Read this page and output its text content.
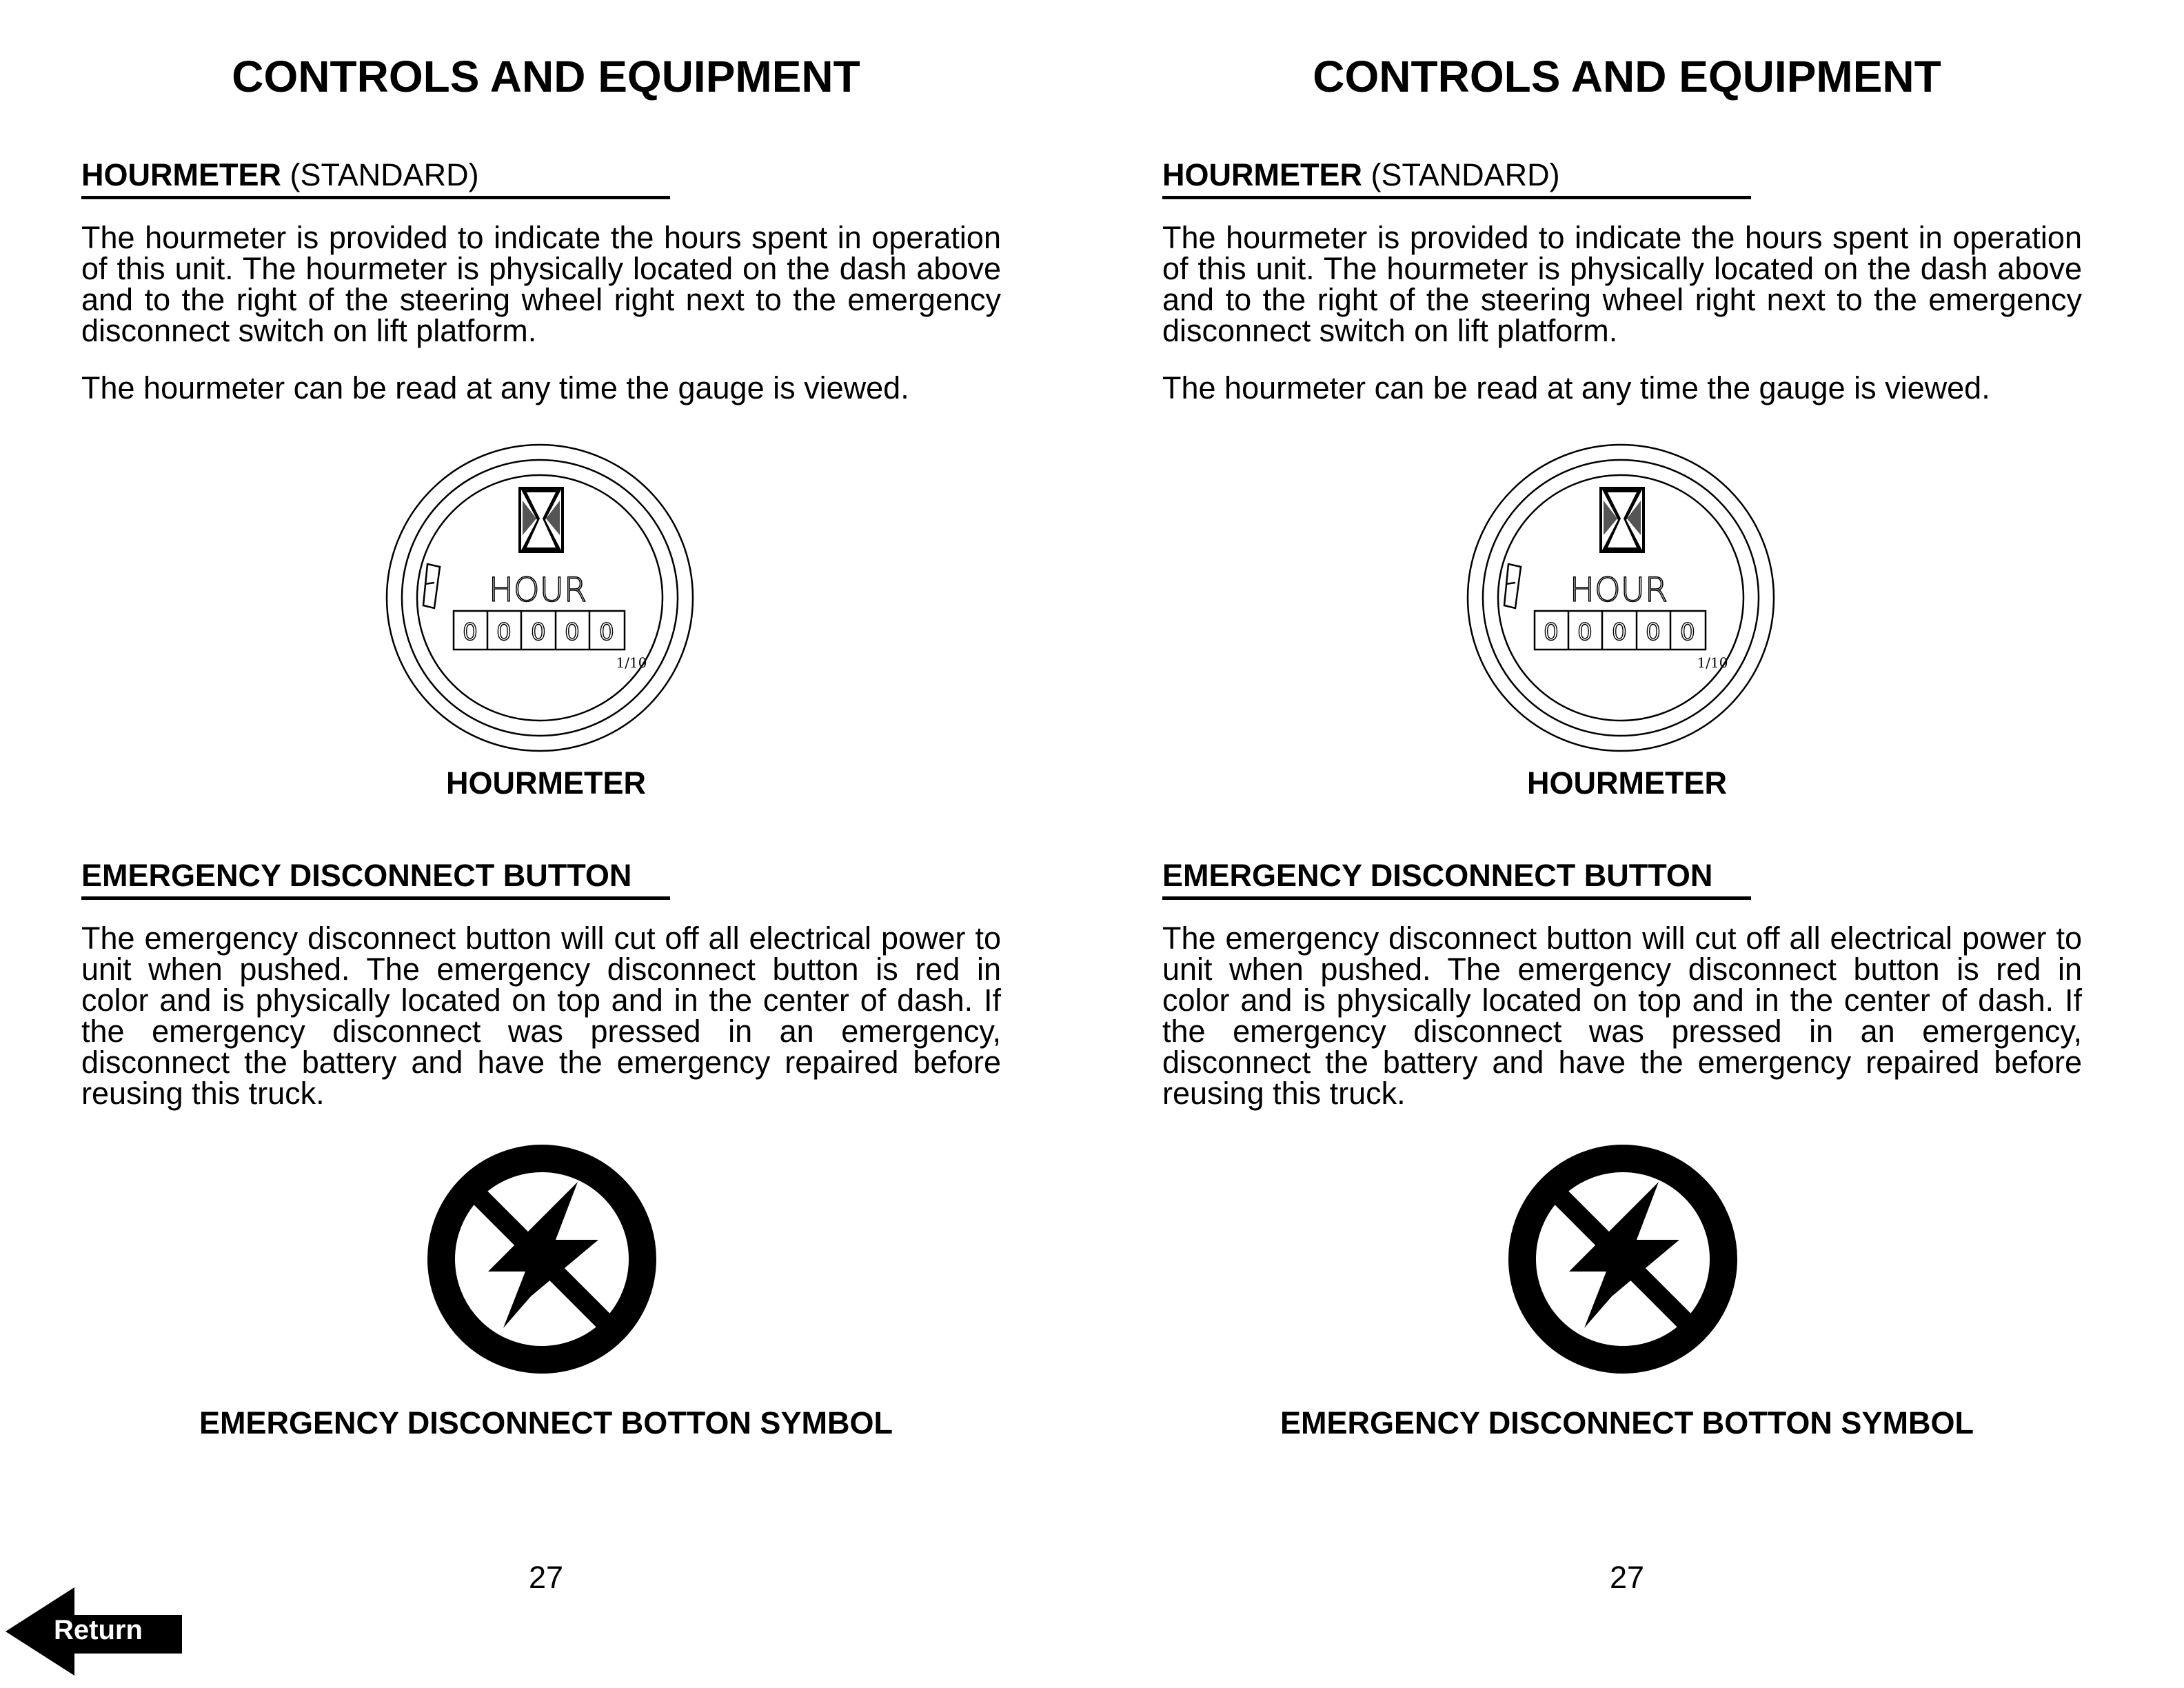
CONTROLS AND EQUIPMENT
HOURMETER (STANDARD)

The hourmeter is provided to indicate the hours spent in operation of this unit. The hourmeter is physically located on the dash above and to the right of the steering wheel right next to the emergency disconnect switch on lift platform.

The hourmeter can be read at any time the gauge is viewed.

HOUR
0 0 0 0 0
1/10

HOURMETER

EMERGENCY DISCONNECT BUTTON

The emergency disconnect button will cut off all electrical power to unit when pushed. The emergency disconnect button is red in color and is physically located on top and in the center of dash. If the emergency disconnect was pressed in an emergency, disconnect the battery and have the emergency repaired before reusing this truck.

EMERGENCY DISCONNECT BOTTON SYMBOL

27

Return
CONTROLS AND EQUIPMENT
HOURMETER (STANDARD)

The hourmeter is provided to indicate the hours spent in operation of this unit. The hourmeter is physically located on the dash above and to the right of the steering wheel right next to the emergency disconnect switch on lift platform.

The hourmeter can be read at any time the gauge is viewed.

HOUR
0 0 0 0 0
1/10

HOURMETER

EMERGENCY DISCONNECT BUTTON

The emergency disconnect button will cut off all electrical power to unit when pushed. The emergency disconnect button is red in color and is physically located on top and in the center of dash. If the emergency disconnect was pressed in an emergency, disconnect the battery and have the emergency repaired before reusing this truck.

EMERGENCY DISCONNECT BOTTON SYMBOL

27
